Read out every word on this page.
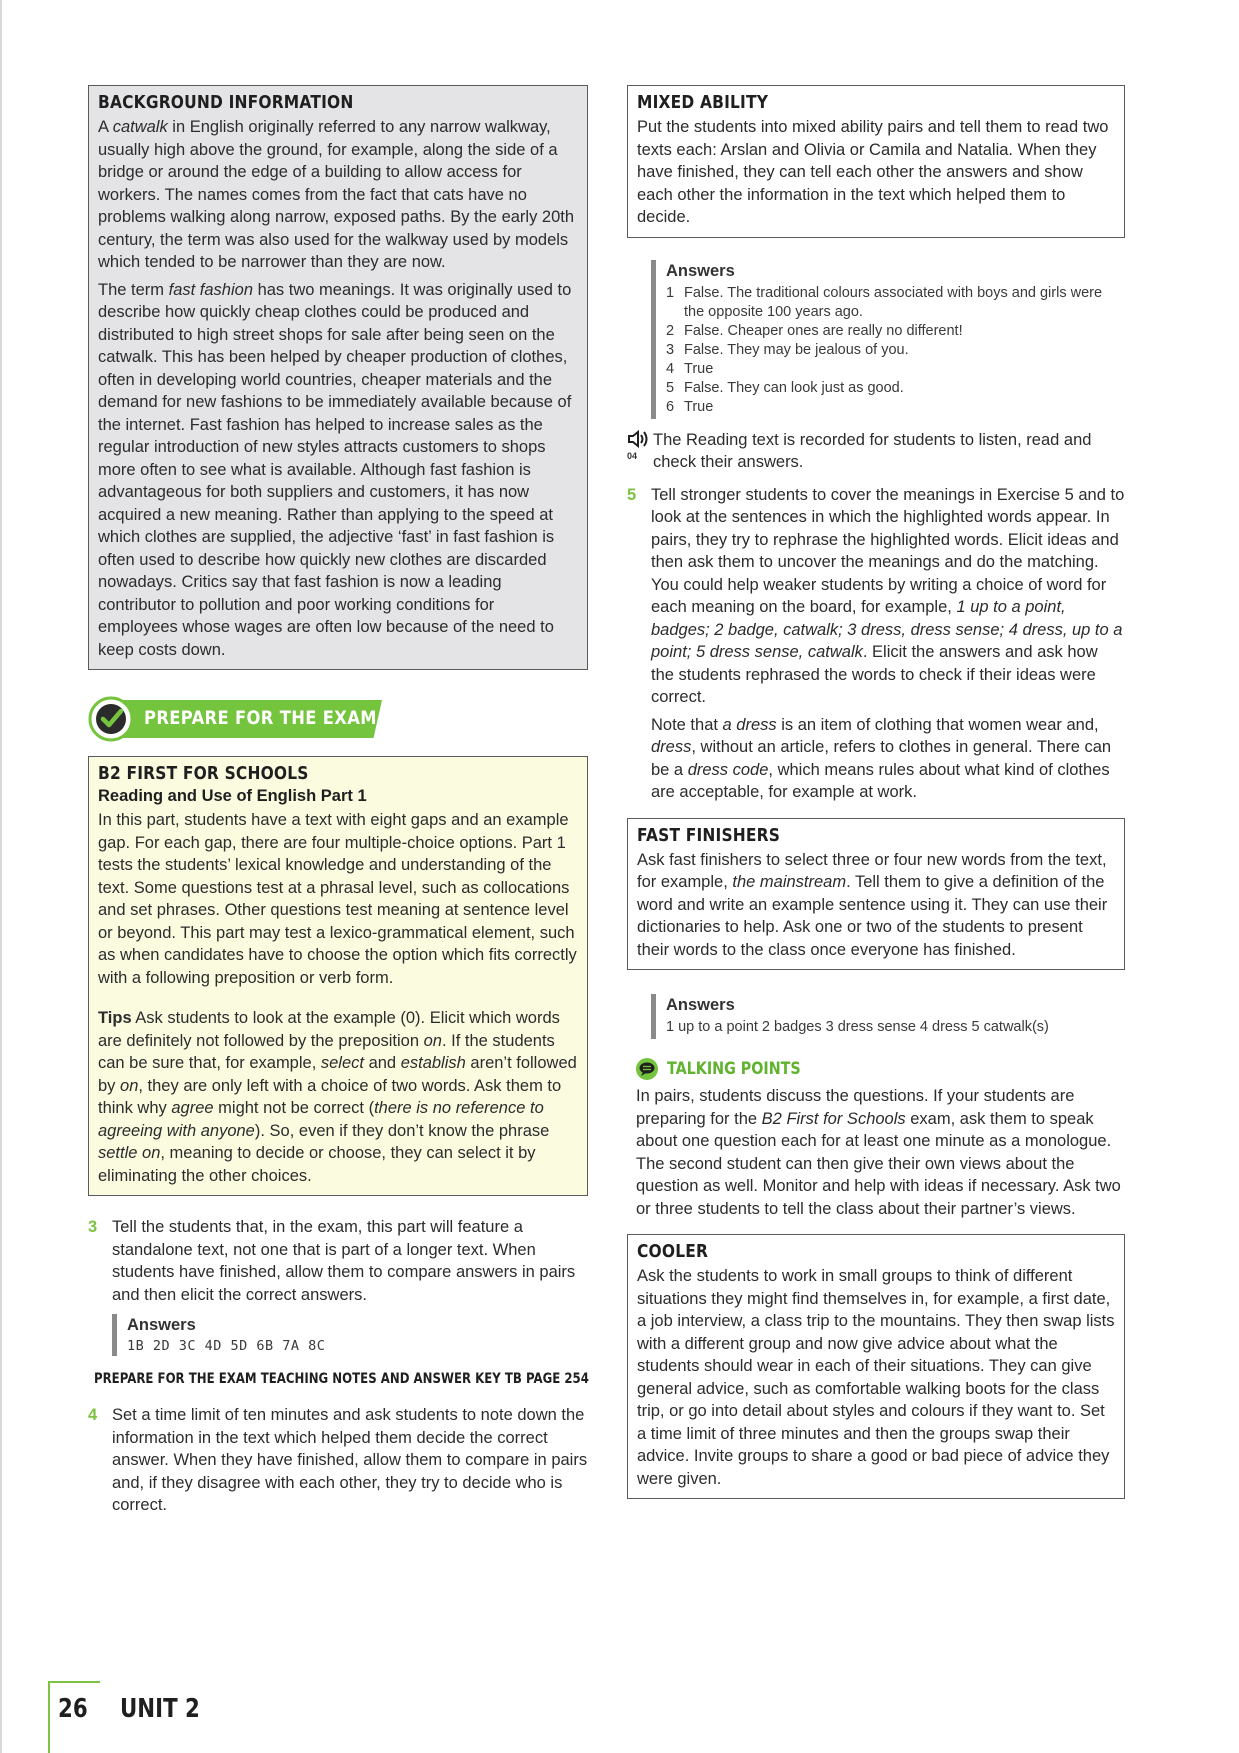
BACKGROUND INFORMATION

A catwalk in English originally referred to any narrow walkway, usually high above the ground, for example, along the side of a bridge or around the edge of a building to allow access for workers. The names comes from the fact that cats have no problems walking along narrow, exposed paths. By the early 20th century, the term was also used for the walkway used by models which tended to be narrower than they are now.

The term fast fashion has two meanings. It was originally used to describe how quickly cheap clothes could be produced and distributed to high street shops for sale after being seen on the catwalk. This has been helped by cheaper production of clothes, often in developing world countries, cheaper materials and the demand for new fashions to be immediately available because of the internet. Fast fashion has helped to increase sales as the regular introduction of new styles attracts customers to shops more often to see what is available. Although fast fashion is advantageous for both suppliers and customers, it has now acquired a new meaning. Rather than applying to the speed at which clothes are supplied, the adjective ‘fast’ in fast fashion is often used to describe how quickly new clothes are discarded nowadays. Critics say that fast fashion is now a leading contributor to pollution and poor working conditions for employees whose wages are often low because of the need to keep costs down.

PREPARE FOR THE EXAM
B2 FIRST FOR SCHOOLS
Reading and Use of English Part 1

In this part, students have a text with eight gaps and an example gap. For each gap, there are four multiple-choice options. Part 1 tests the students’ lexical knowledge and understanding of the text. Some questions test at a phrasal level, such as collocations and set phrases. Other questions test meaning at sentence level or beyond. This part may test a lexico-grammatical element, such as when candidates have to choose the option which fits correctly with a following preposition or verb form.

Tips Ask students to look at the example (0). Elicit which words are definitely not followed by the preposition on. If the students can be sure that, for example, select and establish aren’t followed by on, they are only left with a choice of two words. Ask them to think why agree might not be correct (there is no reference to agreeing with anyone). So, even if they don’t know the phrase settle on, meaning to decide or choose, they can select it by eliminating the other choices.

3 Tell the students that, in the exam, this part will feature a standalone text, not one that is part of a longer text. When students have finished, allow them to compare answers in pairs and then elicit the correct answers.

Answers
1B 2D 3C 4D 5D 6B 7A 8C
PREPARE FOR THE EXAM TEACHING NOTES AND ANSWER KEY TB PAGE 254
4 Set a time limit of ten minutes and ask students to note down the information in the text which helped them decide the correct answer. When they have finished, allow them to compare in pairs and, if they disagree with each other, they try to decide who is correct.

MIXED ABILITY

Put the students into mixed ability pairs and tell them to read two texts each: Arslan and Olivia or Camila and Natalia. When they have finished, they can tell each other the answers and show each other the information in the text which helped them to decide.

Answers
1 False. The traditional colours associated with boys and girls were the opposite 100 years ago.
2 False. Cheaper ones are really no different!
3 False. They may be jealous of you.
4 True
5 False. They can look just as good.
6 True
04

The Reading text is recorded for students to listen, read and check their answers.

5 Tell stronger students to cover the meanings in Exercise 5 and to look at the sentences in which the highlighted words appear. In pairs, they try to rephrase the highlighted words. Elicit ideas and then ask them to uncover the meanings and do the matching. You could help weaker students by writing a choice of word for each meaning on the board, for example, 1 up to a point, badges; 2 badge, catwalk; 3 dress, dress sense; 4 dress, up to a point; 5 dress sense, catwalk. Elicit the answers and ask how the students rephrased the words to check if their ideas were correct.

Note that a dress is an item of clothing that women wear and, dress, without an article, refers to clothes in general. There can be a dress code, which means rules about what kind of clothes are acceptable, for example at work.

FAST FINISHERS

Ask fast finishers to select three or four new words from the text, for example, the mainstream. Tell them to give a definition of the word and write an example sentence using it. They can use their dictionaries to help. Ask one or two of the students to present their words to the class once everyone has finished.

Answers
1 up to a point 2 badges 3 dress sense 4 dress 5 catwalk(s)
TALKING POINTS

In pairs, students discuss the questions. If your students are preparing for the B2 First for Schools exam, ask them to speak about one question each for at least one minute as a monologue. The second student can then give their own views about the question as well. Monitor and help with ideas if necessary. Ask two or three students to tell the class about their partner’s views.

COOLER

Ask the students to work in small groups to think of different situations they might find themselves in, for example, a first date, a job interview, a class trip to the mountains. They then swap lists with a different group and now give advice about what the students should wear in each of their situations. They can give general advice, such as comfortable walking boots for the class trip, or go into detail about styles and colours if they want to. Set a time limit of three minutes and then the groups swap their advice. Invite groups to share a good or bad piece of advice they were given.

26 UNIT 2
